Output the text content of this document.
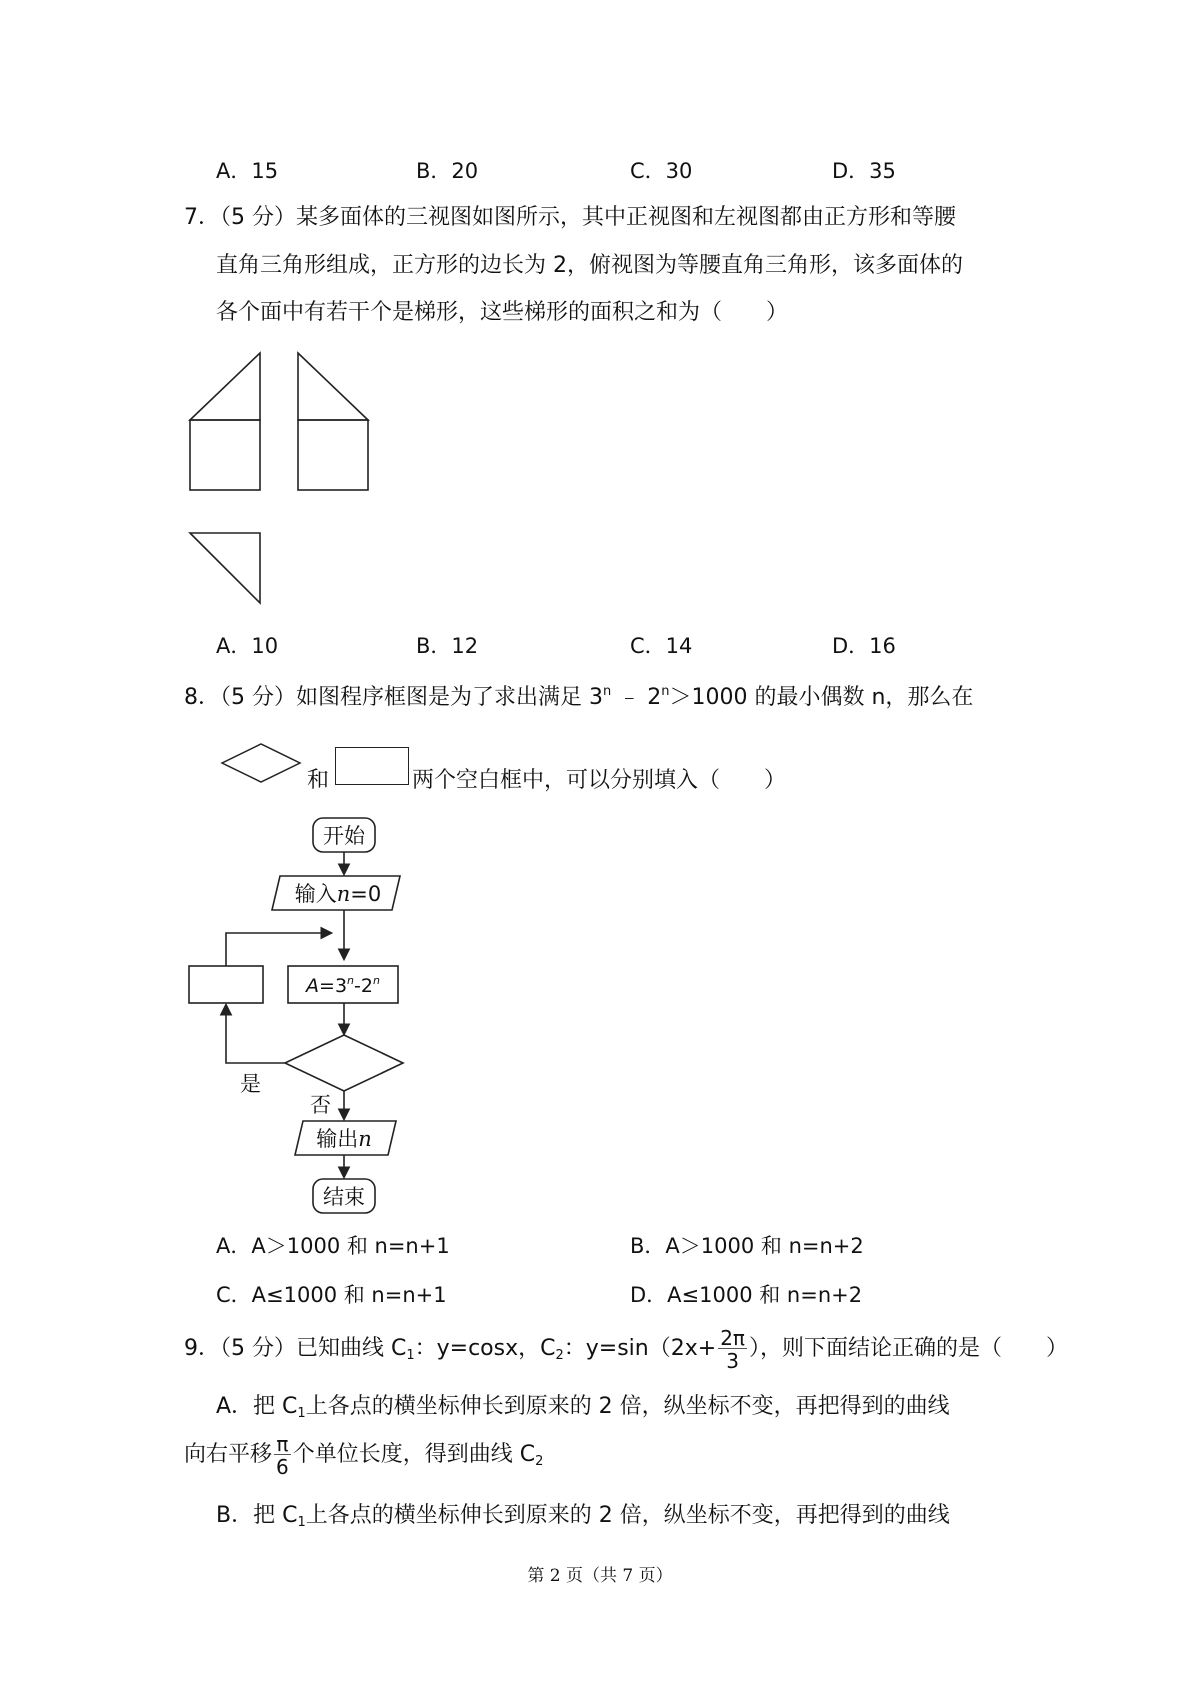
A．15	B．20	C．30	D．35
7．（5 分）某多面体的三视图如图所示，其中正视图和左视图都由正方形和等腰
直角三角形组成，正方形的边长为 2，俯视图为等腰直角三角形，该多面体的
各个面中有若干个是梯形，这些梯形的面积之和为（　　）
A．10	B．12	C．14	D．16
8．（5 分）如图程序框图是为了求出满足 3$^n$ ﹣ $2^n>1000$ 的最小偶数 n，那么在
和	两个空白框中，可以分别填入（　　）
开始
输入n=0
$A=3^n-2^n$
是
否
输出n
结束
A．A＞1000 和 n=n+1	B．A＞1000 和 n=n+2
C．A≤1000 和 n=n+1	D．A≤1000 和 n=n+2
9．（5 分）已知曲线 $C_1$：y=cosx，$C_2$：$y=\sin(2x+ \frac{2\pi}{3}$ ），则下面结论正确的是（　　）
A．把 $C_1$上各点的横坐标伸长到原来的 2 倍，纵坐标不变，再把得到的曲线
向右平移 $\frac{\pi}{6}$ 个单位长度，得到曲线 $C_2$
B．把 $C_1$上各点的横坐标伸长到原来的 2 倍，纵坐标不变，再把得到的曲线
第 2 页（共 7 页）
